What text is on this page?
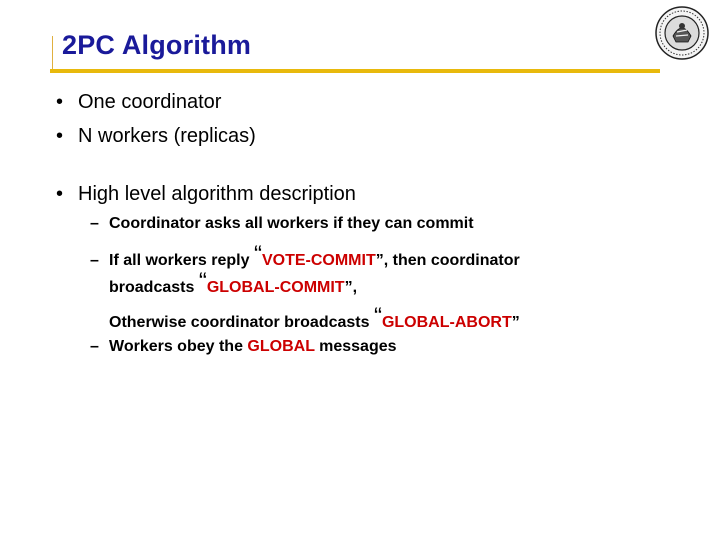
2PC Algorithm
• One coordinator
• N workers (replicas)
• High level algorithm description
– Coordinator asks all workers if they can commit
– If all workers reply “VOTE-COMMIT”, then coordinator
broadcasts “GLOBAL-COMMIT”,
Otherwise coordinator broadcasts “GLOBAL-ABORT”
– Workers obey the GLOBAL messages
